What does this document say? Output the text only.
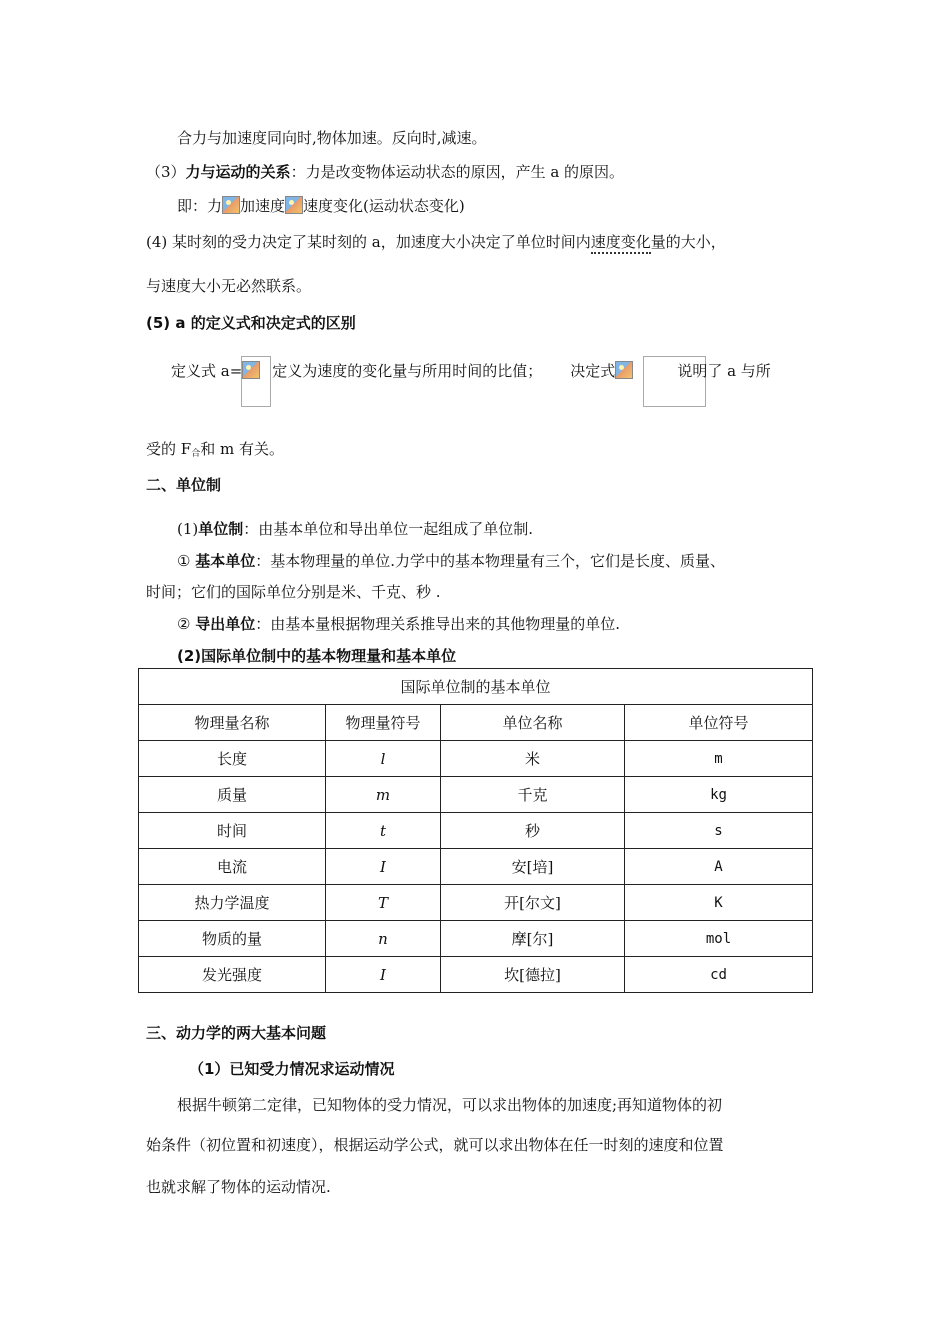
合力与加速度同向时,物体加速。反向时,减速。
（3）力与运动的关系：力是改变物体运动状态的原因，产生 a 的原因。
即：力 加速度 速度变化(运动状态变化)
(4) 某时刻的受力决定了某时刻的 a，加速度大小决定了单位时间内速度变化量的大小，
与速度大小无必然联系。
(5) a 的定义式和决定式的区别
定义式 a= 定义为速度的变化量与所用时间的比值； 决定式	说明了 a 与所
受的 $F_合$和 m 有关。
二、单位制
(1)单位制：由基本单位和导出单位一起组成了单位制.
① 基本单位：基本物理量的单位.力学中的基本物理量有三个，它们是长度、质量、
时间；它们的国际单位分别是米、千克、秒 .
② 导出单位：由基本量根据物理关系推导出来的其他物理量的单位.
(2)国际单位制中的基本物理量和基本单位
国际单位制的基本单位			
物理量名称	物理量符号	单位名称	单位符号
长度	l	米	m
质量	m	千克	kg
时间	t	秒	s
电流	I	安[培]	A
热力学温度	T	开[尔文]	K
物质的量	n	摩[尔]	mol
发光强度	I	坎[德拉]	cd
三、动力学的两大基本问题
（1）已知受力情况求运动情况
根据牛顿第二定律，已知物体的受力情况，可以求出物体的加速度;再知道物体的初
始条件（初位置和初速度），根据运动学公式，就可以求出物体在任一时刻的速度和位置
也就求解了物体的运动情况.
